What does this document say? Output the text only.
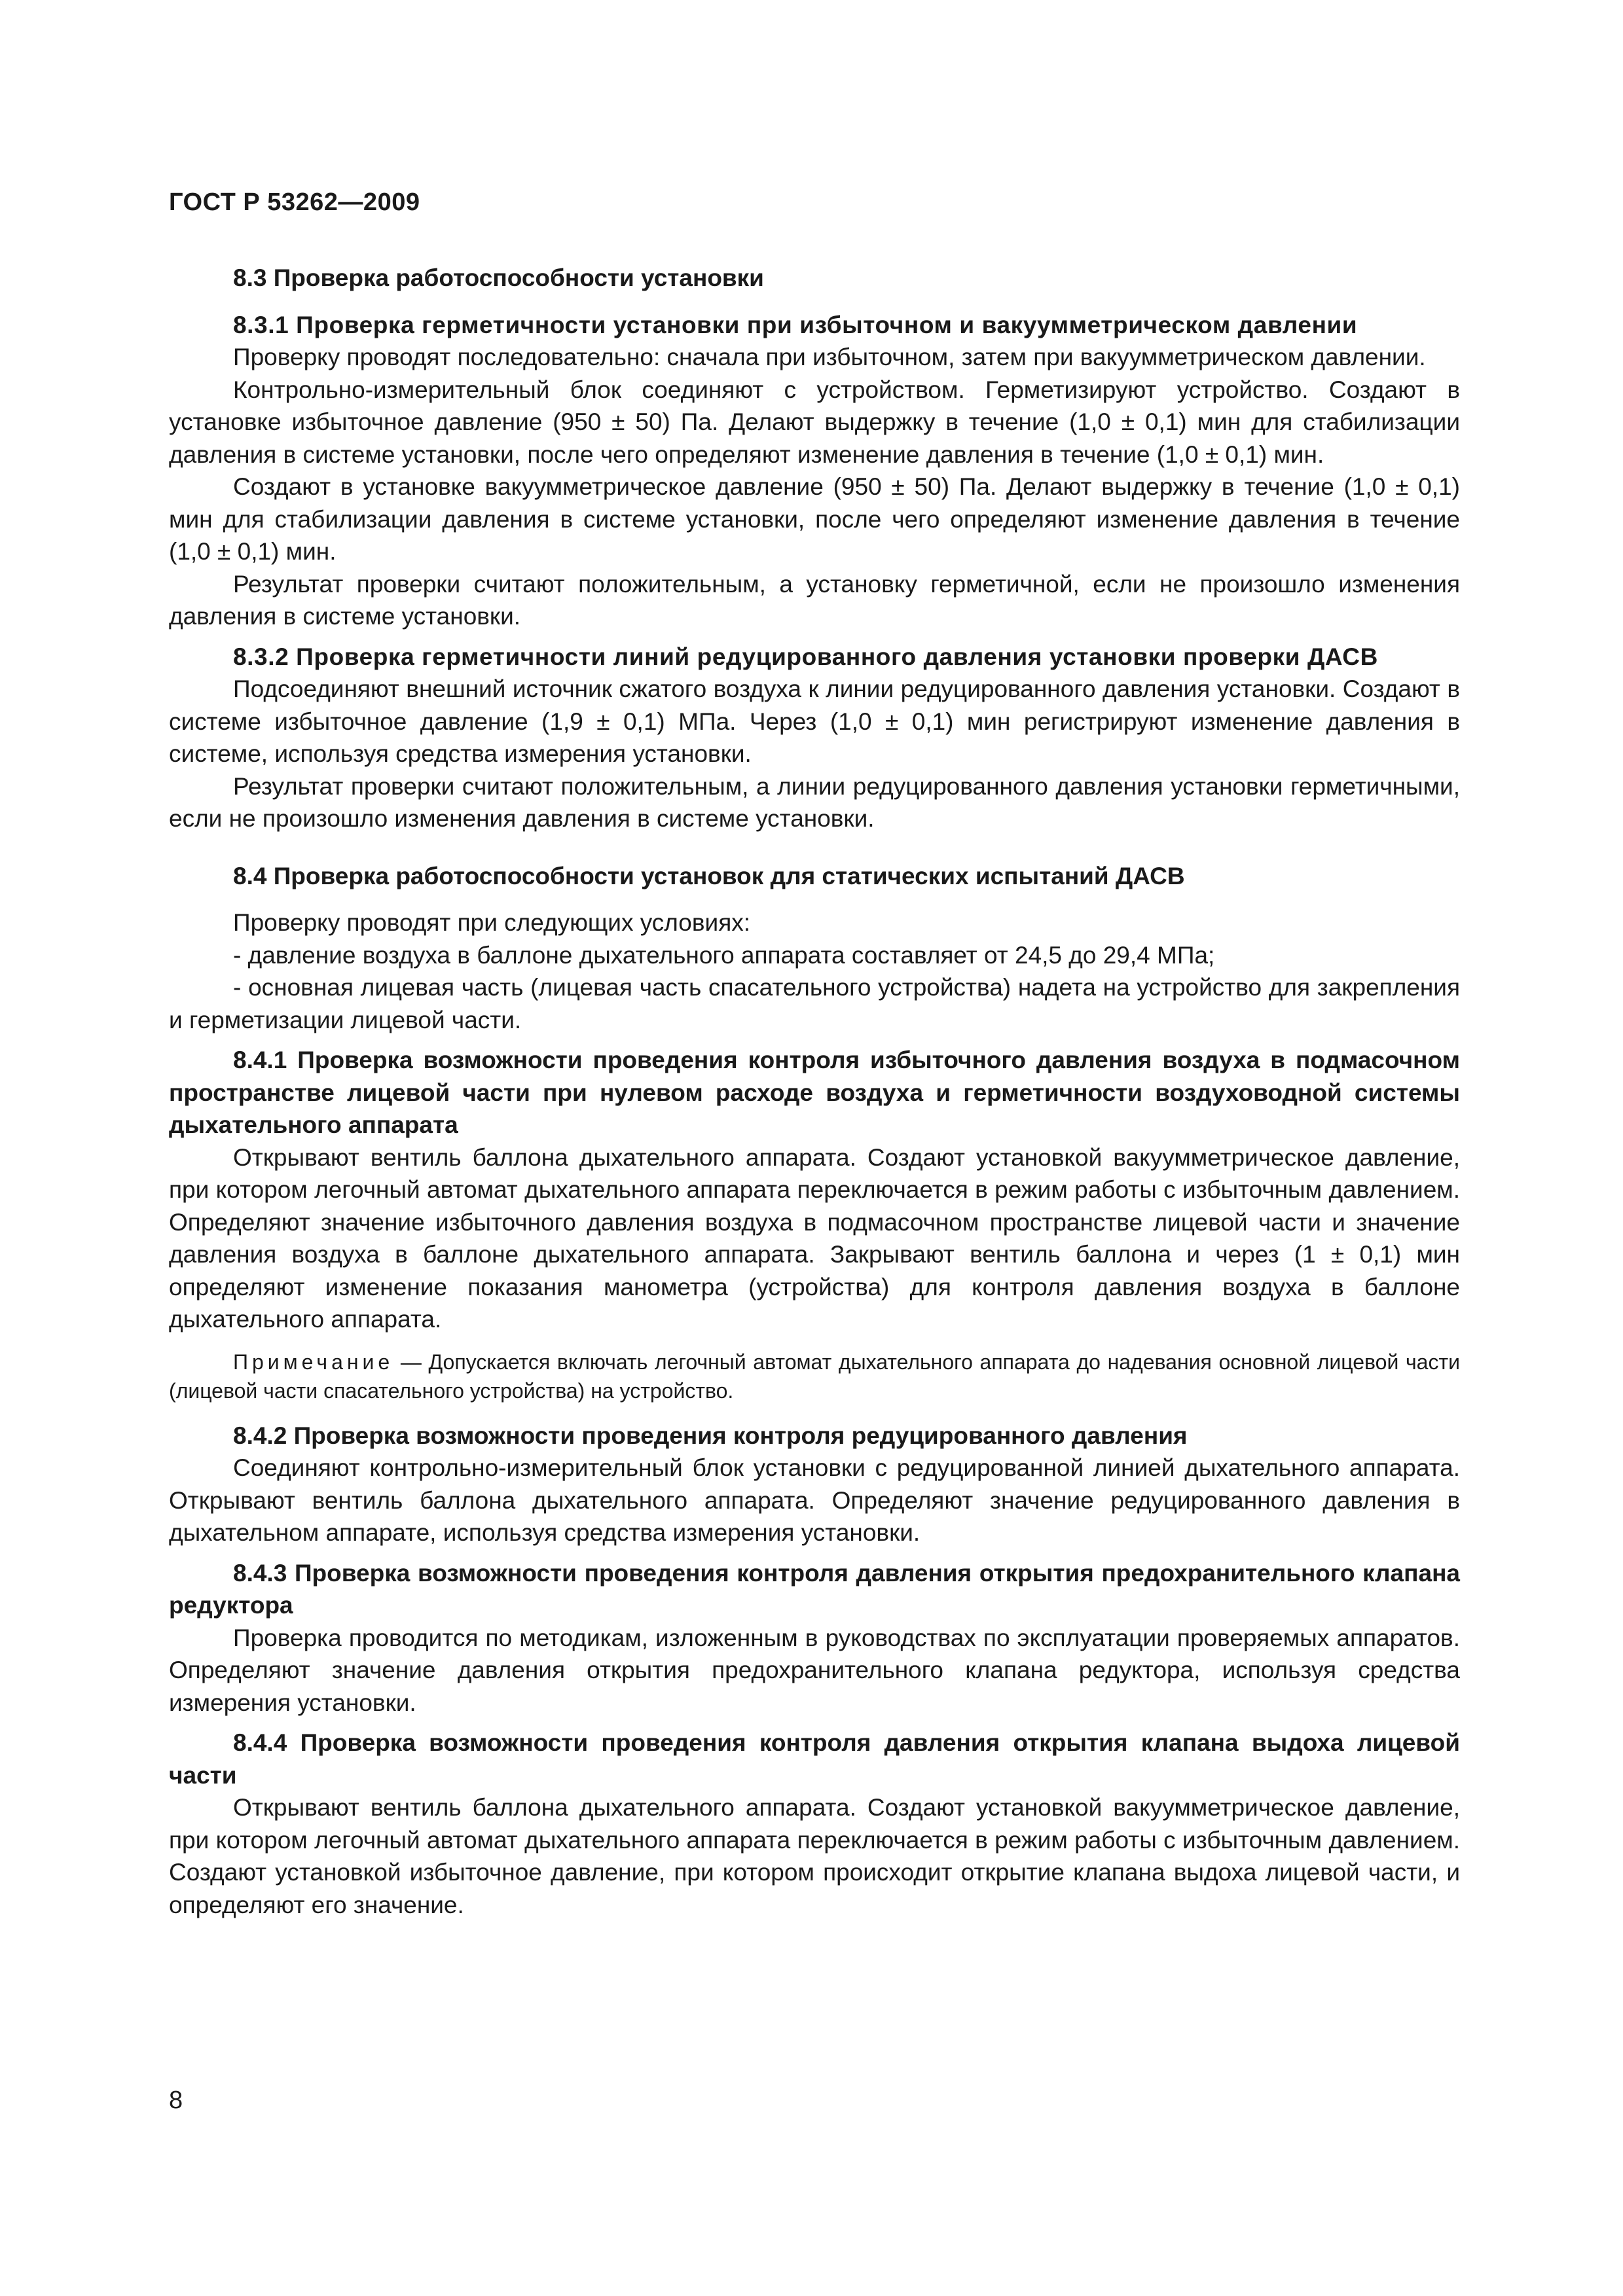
ГОСТ Р 53262—2009

8.3 Проверка работоспособности установки

8.3.1 Проверка герметичности установки при избыточном и вакуумметрическом давлении

Проверку проводят последовательно: сначала при избыточном, затем при вакуумметрическом давлении.

Контрольно-измерительный блок соединяют с устройством. Герметизируют устройство. Создают в установке избыточное давление (950 ± 50) Па. Делают выдержку в течение (1,0 ± 0,1) мин для стабилизации давления в системе установки, после чего определяют изменение давления в течение (1,0 ± 0,1) мин.

Создают в установке вакуумметрическое давление (950 ± 50) Па. Делают выдержку в течение (1,0 ± 0,1) мин для стабилизации давления в системе установки, после чего определяют изменение давления в течение (1,0 ± 0,1) мин.

Результат проверки считают положительным, а установку герметичной, если не произошло изменения давления в системе установки.

8.3.2 Проверка герметичности линий редуцированного давления установки проверки ДАСВ

Подсоединяют внешний источник сжатого воздуха к линии редуцированного давления установки. Создают в системе избыточное давление (1,9 ± 0,1) МПа. Через (1,0 ± 0,1) мин регистрируют изменение давления в системе, используя средства измерения установки.

Результат проверки считают положительным, а линии редуцированного давления установки герметичными, если не произошло изменения давления в системе установки.

8.4 Проверка работоспособности установок для статических испытаний ДАСВ

Проверку проводят при следующих условиях:

- давление воздуха в баллоне дыхательного аппарата составляет от 24,5 до 29,4 МПа;

- основная лицевая часть (лицевая часть спасательного устройства) надета на устройство для закрепления и герметизации лицевой части.

8.4.1 Проверка возможности проведения контроля избыточного давления воздуха в подмасочном пространстве лицевой части при нулевом расходе воздуха и герметичности воздуховодной системы дыхательного аппарата

Открывают вентиль баллона дыхательного аппарата. Создают установкой вакуумметрическое давление, при котором легочный автомат дыхательного аппарата переключается в режим работы с избыточным давлением. Определяют значение избыточного давления воздуха в подмасочном пространстве лицевой части и значение давления воздуха в баллоне дыхательного аппарата. Закрывают вентиль баллона и через (1 ± 0,1) мин определяют изменение показания манометра (устройства) для контроля давления воздуха в баллоне дыхательного аппарата.

Примечание — Допускается включать легочный автомат дыхательного аппарата до надевания основной лицевой части (лицевой части спасательного устройства) на устройство.

8.4.2 Проверка возможности проведения контроля редуцированного давления

Соединяют контрольно-измерительный блок установки с редуцированной линией дыхательного аппарата. Открывают вентиль баллона дыхательного аппарата. Определяют значение редуцированного давления в дыхательном аппарате, используя средства измерения установки.

8.4.3 Проверка возможности проведения контроля давления открытия предохранительного клапана редуктора

Проверка проводится по методикам, изложенным в руководствах по эксплуатации проверяемых аппаратов. Определяют значение давления открытия предохранительного клапана редуктора, используя средства измерения установки.

8.4.4 Проверка возможности проведения контроля давления открытия клапана выдоха лицевой части

Открывают вентиль баллона дыхательного аппарата. Создают установкой вакуумметрическое давление, при котором легочный автомат дыхательного аппарата переключается в режим работы с избыточным давлением. Создают установкой избыточное давление, при котором происходит открытие клапана выдоха лицевой части, и определяют его значение.

8
